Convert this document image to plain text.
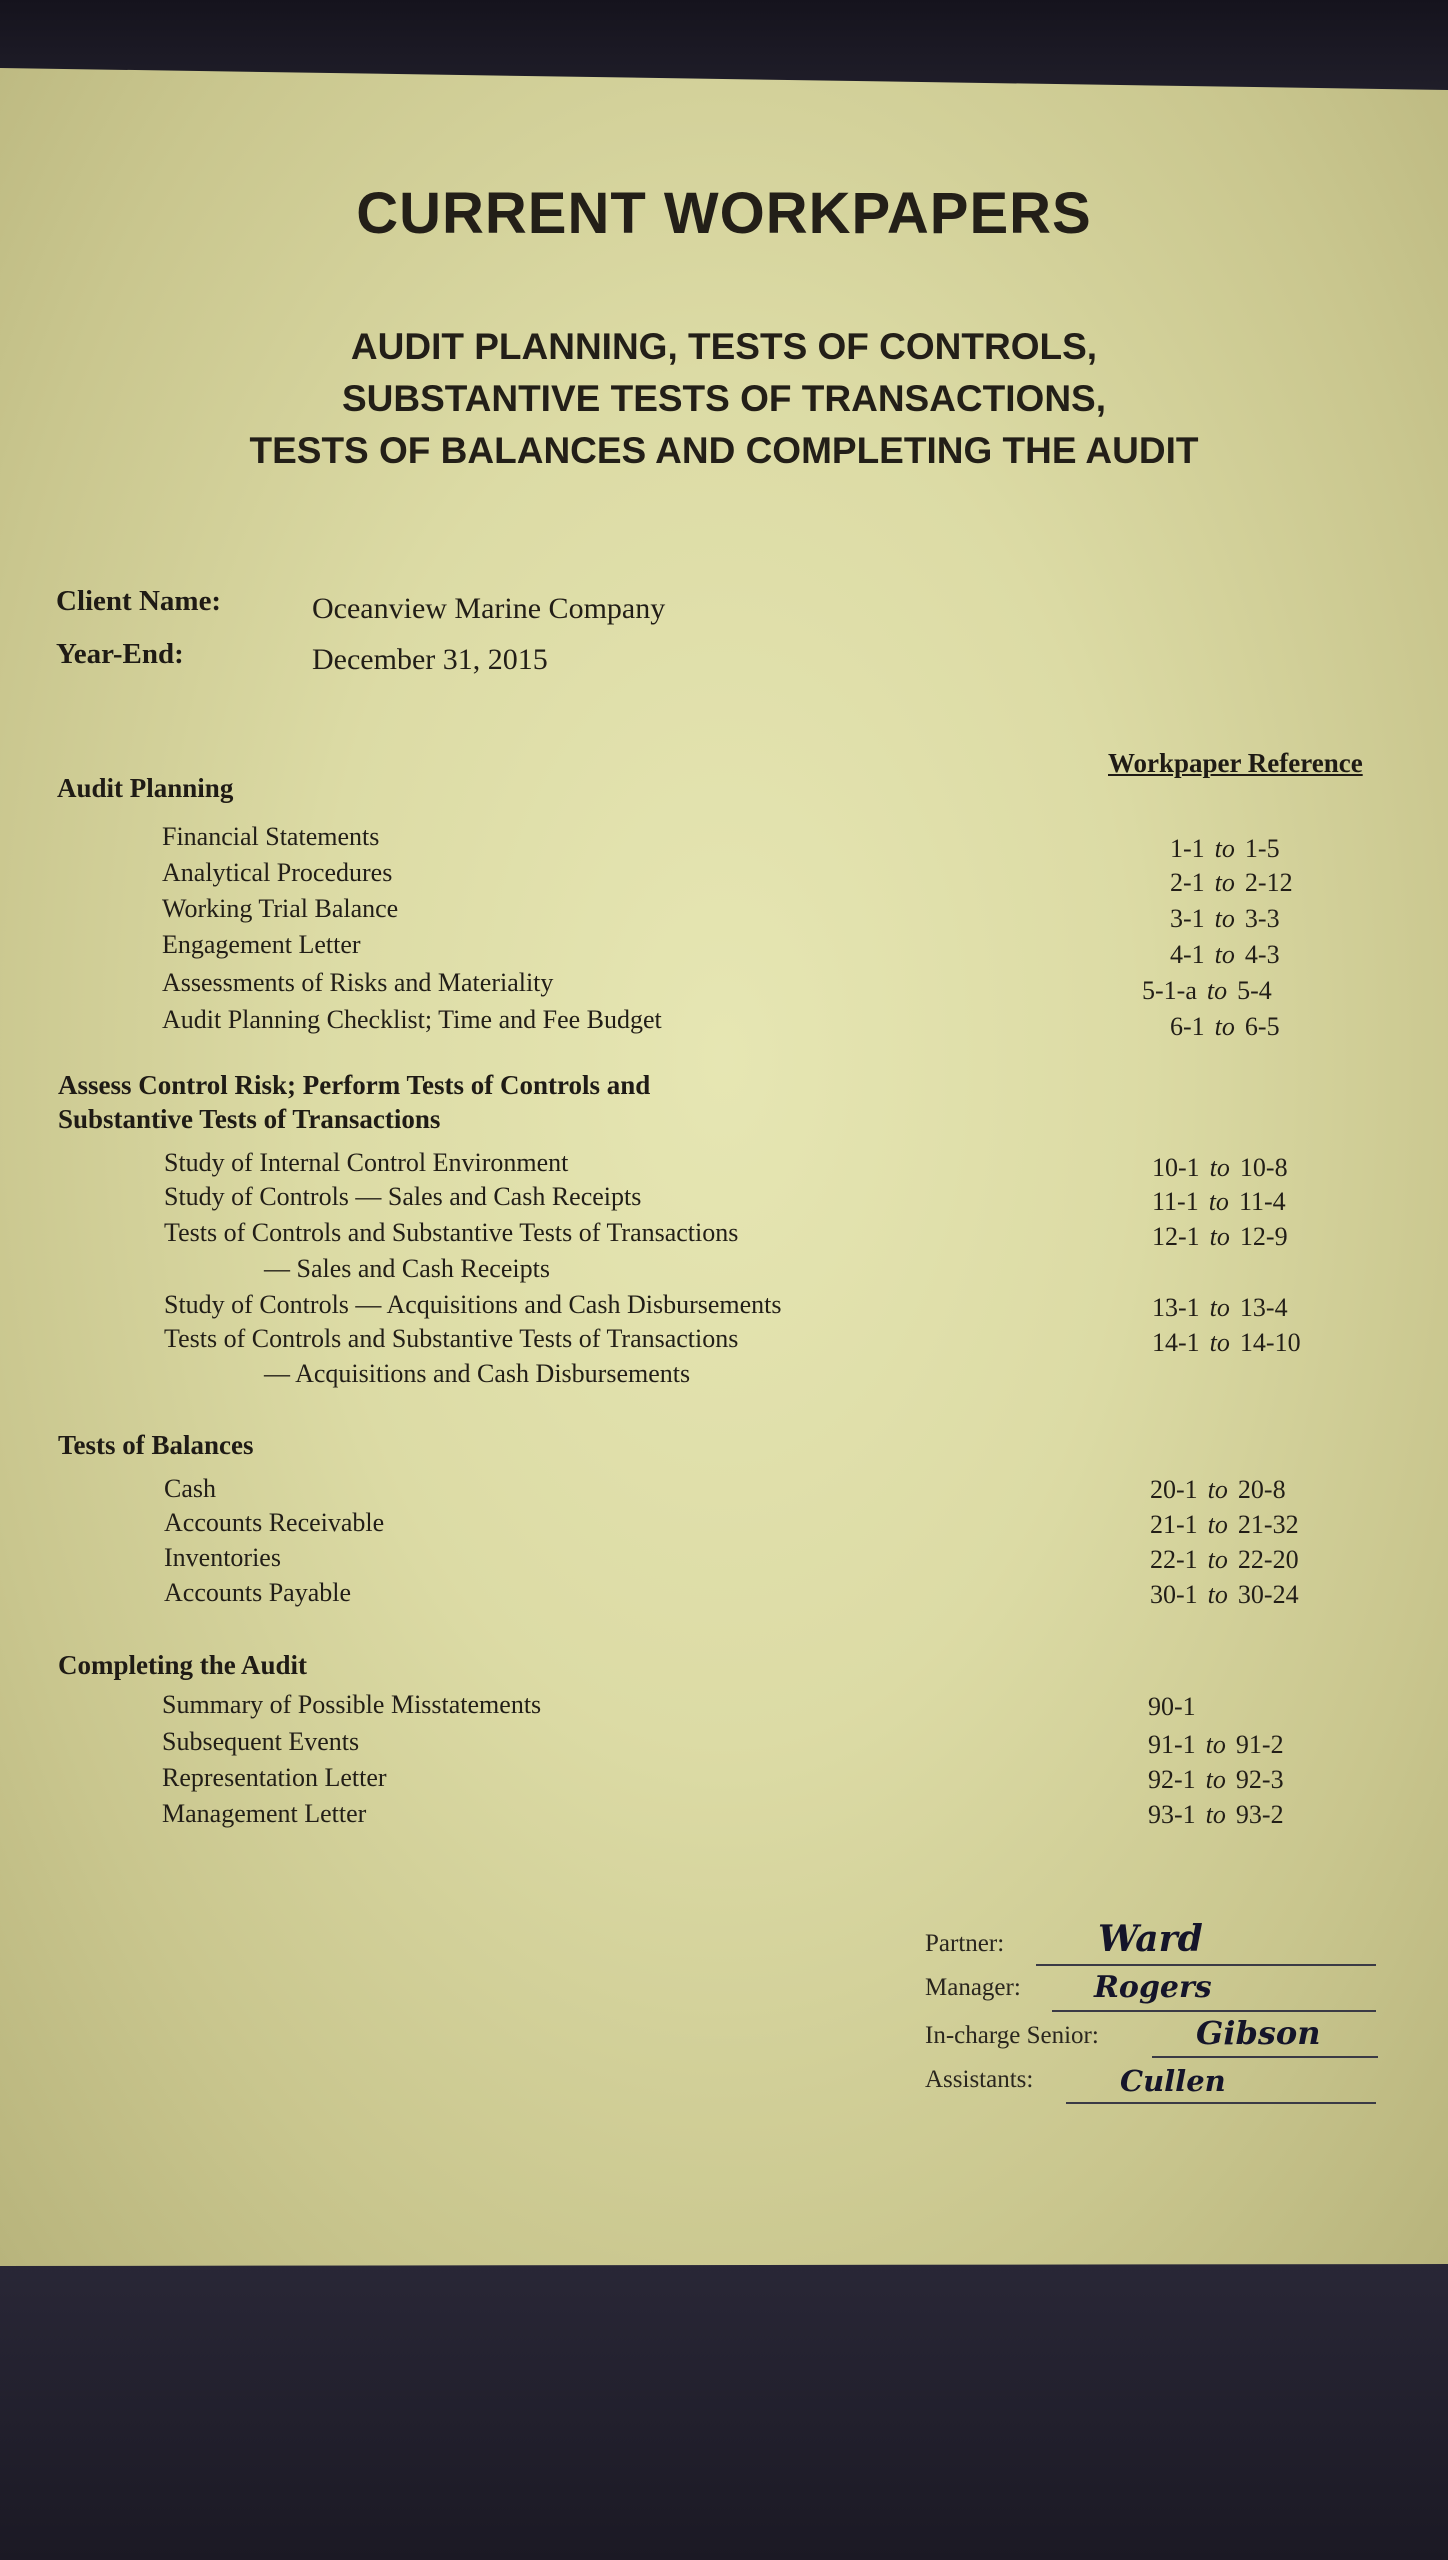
CURRENT WORKPAPERS
AUDIT PLANNING, TESTS OF CONTROLS,
SUBSTANTIVE TESTS OF TRANSACTIONS,
TESTS OF BALANCES AND COMPLETING THE AUDIT
Client Name:	Oceanview Marine Company
Year-End:	December 31, 2015
Workpaper Reference
Audit Planning
Financial Statements	1-1 to 1-5
Analytical Procedures	2-1 to 2-12
Working Trial Balance	3-1 to 3-3
Engagement Letter	4-1 to 4-3
Assessments of Risks and Materiality	5-1-a to 5-4
Audit Planning Checklist; Time and Fee Budget	6-1 to 6-5
Assess Control Risk; Perform Tests of Controls and
Substantive Tests of Transactions
Study of Internal Control Environment	10-1 to 10-8
Study of Controls — Sales and Cash Receipts	11-1 to 11-4
Tests of Controls and Substantive Tests of Transactions
— Sales and Cash Receipts
12-1 to 12-9
Study of Controls — Acquisitions and Cash Disbursements	13-1 to 13-4
Tests of Controls and Substantive Tests of Transactions
— Acquisitions and Cash Disbursements
14-1 to 14-10
Tests of Balances
Cash	20-1 to 20-8
Accounts Receivable	21-1 to 21-32
Inventories	22-1 to 22-20
Accounts Payable	30-1 to 30-24
Completing the Audit
Summary of Possible Misstatements	90-1
Subsequent Events	91-1 to 91-2
Representation Letter	92-1 to 92-3
Management Letter	93-1 to 93-2
Partner:	Ward
Manager: Rogers
In-charge Senior:	Gibson
Assistants:	Cullen
